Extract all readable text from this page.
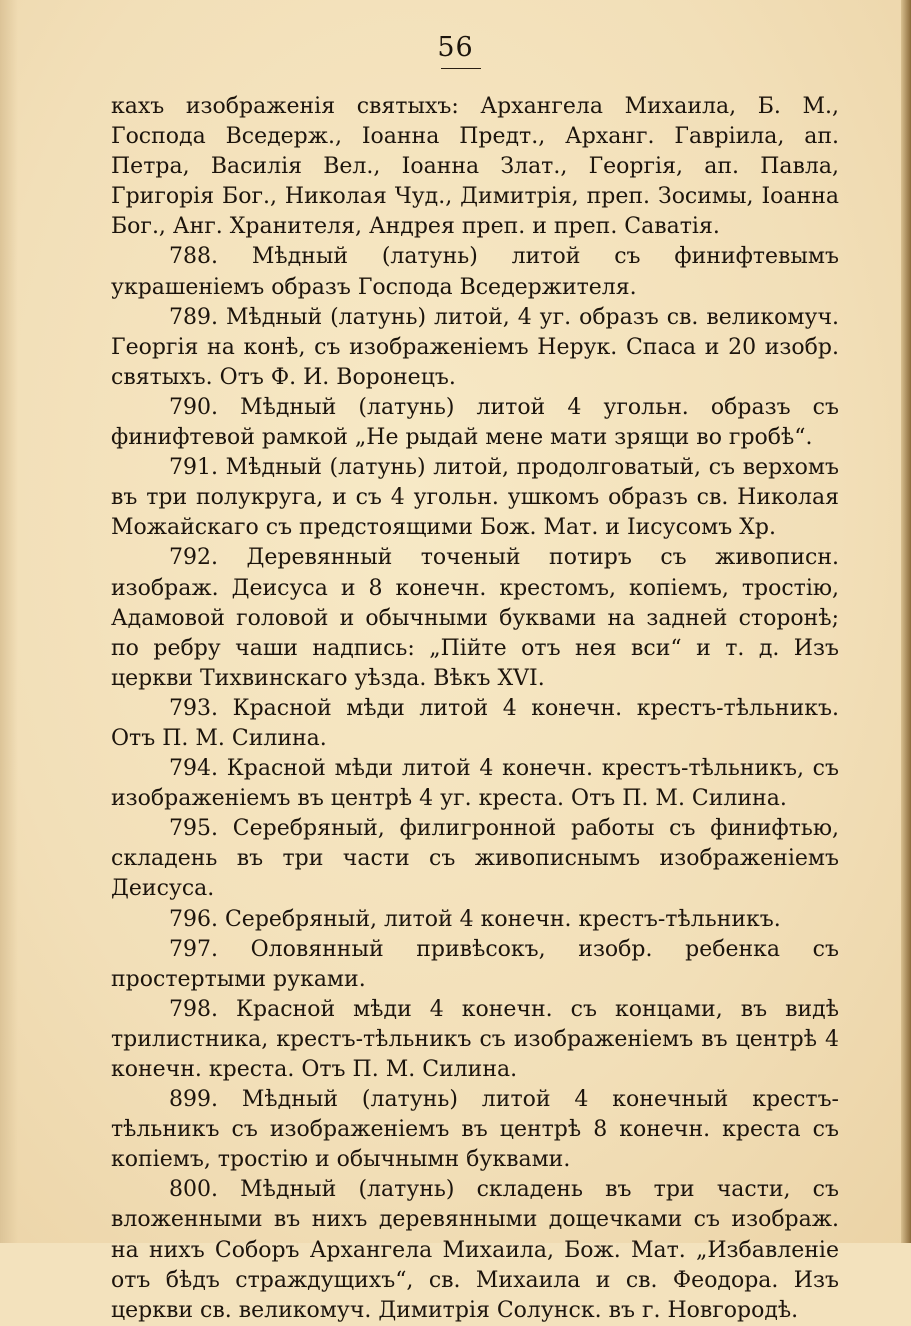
56

кахъ изображенія святыхъ: Архангела Михаила, Б. М., Господа Вседерж., Іоанна Предт., Арханг. Гавріила, ап. Петра, Василія Вел., Іоанна Злат., Георгія, ап. Павла, Григорія Бог., Николая Чуд., Димитрія, преп. Зосимы, Іоанна Бог., Анг. Хранителя, Андрея преп. и преп. Саватія.

788. Мѣдный (латунь) литой съ финифтевымъ украшеніемъ образъ Господа Вседержителя.

789. Мѣдный (латунь) литой, 4 уг. образъ св. великомуч. Георгія на конѣ, съ изображеніемъ Нерук. Спаса и 20 изобр. святыхъ. Отъ Ф. И. Воронецъ.

790. Мѣдный (латунь) литой 4 угольн. образъ съ финифтевой рамкой „Не рыдай мене мати зрящи во гробѣ“.

791. Мѣдный (латунь) литой, продолговатый, съ верхомъ въ три полукруга, и съ 4 угольн. ушкомъ образъ св. Николая Можайскаго съ предстоящими Бож. Мат. и Іисусомъ Хр.

792. Деревянный точеный потиръ съ живописн. изображ. Деисуса и 8 конечн. крестомъ, копіемъ, тростію, Адамовой головой и обычными буквами на задней сторонѣ; по ребру чаши надпись: „Пійте отъ нея вси“ и т. д. Изъ церкви Тихвинскаго уѣзда. Вѣкъ XVI.

793. Красной мѣди литой 4 конечн. крестъ-тѣльникъ. Отъ П. М. Силина.

794. Красной мѣди литой 4 конечн. крестъ-тѣльникъ, съ изображеніемъ въ центрѣ 4 уг. креста. Отъ П. М. Силина.

795. Серебряный, филигронной работы съ финифтью, складень въ три части съ живописнымъ изображеніемъ Деисуса.

796. Серебряный, литой 4 конечн. крестъ-тѣльникъ.

797. Оловянный привѣсокъ, изобр. ребенка съ простертыми руками.

798. Красной мѣди 4 конечн. съ концами, въ видѣ трилистника, крестъ-тѣльникъ съ изображеніемъ въ центрѣ 4 конечн. креста. Отъ П. М. Силина.

899. Мѣдный (латунь) литой 4 конечный крестъ-тѣльникъ съ изображеніемъ въ центрѣ 8 конечн. креста съ копіемъ, тростію и обычнымн буквами.

800. Мѣдный (латунь) складень въ три части, съ вложенными въ нихъ деревянными дощечками съ изображ. на нихъ Соборъ Архангела Михаила, Бож. Мат. „Избавленіе отъ бѣдъ страждущихъ“, св. Михаила и св. Феодора. Изъ церкви св. великомуч. Димитрія Солунск. въ г. Новгородѣ.
